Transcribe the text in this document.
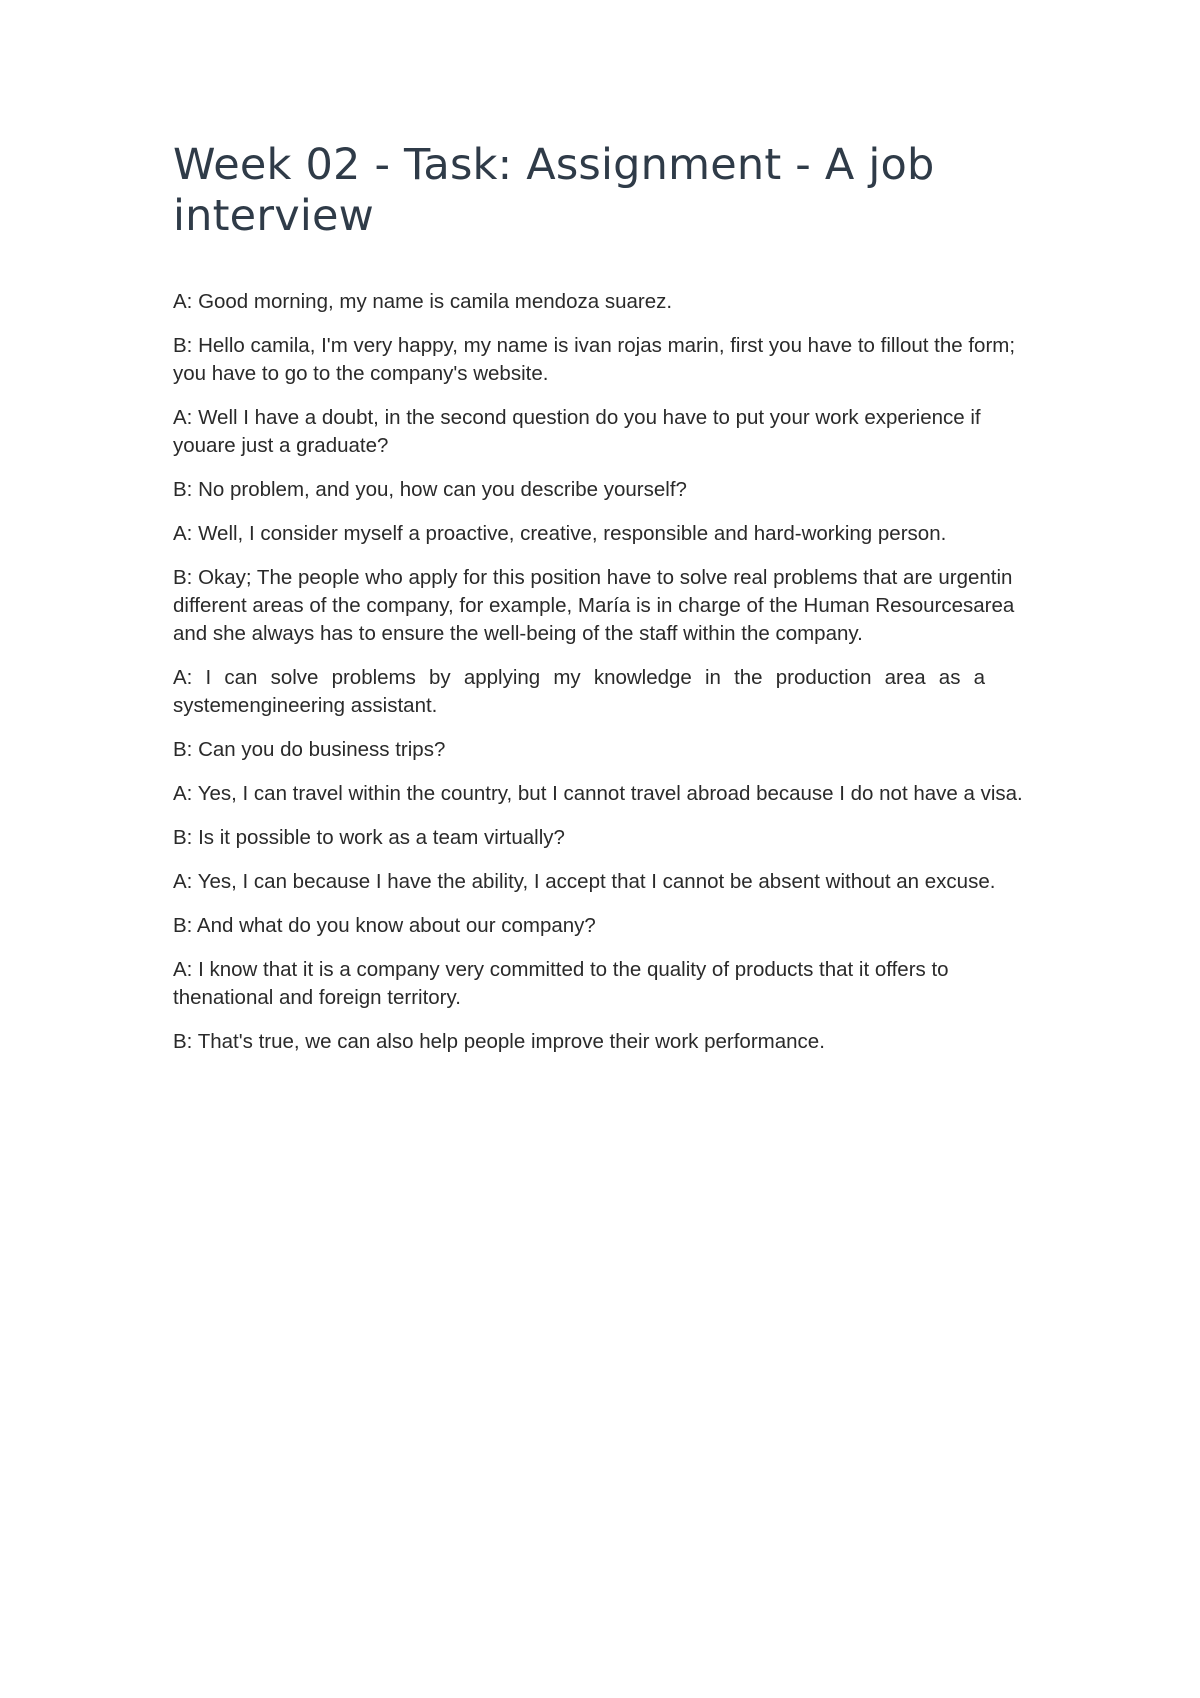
Week 02 - Task: Assignment - A job interview

A: Good morning, my name is camila mendoza suarez.

B: Hello camila, I'm very happy, my name is ivan rojas marin, first you have to fillout the form; you have to go to the company's website.

A: Well I have a doubt, in the second question do you have to put your work experience if youare just a graduate?

B: No problem, and you, how can you describe yourself?

A: Well, I consider myself a proactive, creative, responsible and hard-working person.

B: Okay; The people who apply for this position have to solve real problems that are urgentin different areas of the company, for example, María is in charge of the Human Resourcesarea and she always has to ensure the well-being of the staff within the company.

A: I can solve problems by applying my knowledge in the production area as a systemengineering assistant.

B: Can you do business trips?

A: Yes, I can travel within the country, but I cannot travel abroad because I do not have a visa.

B: Is it possible to work as a team virtually?

A: Yes, I can because I have the ability, I accept that I cannot be absent without an excuse.

B: And what do you know about our company?

A: I know that it is a company very committed to the quality of products that it offers to thenational and foreign territory.

B: That's true, we can also help people improve their work performance.
